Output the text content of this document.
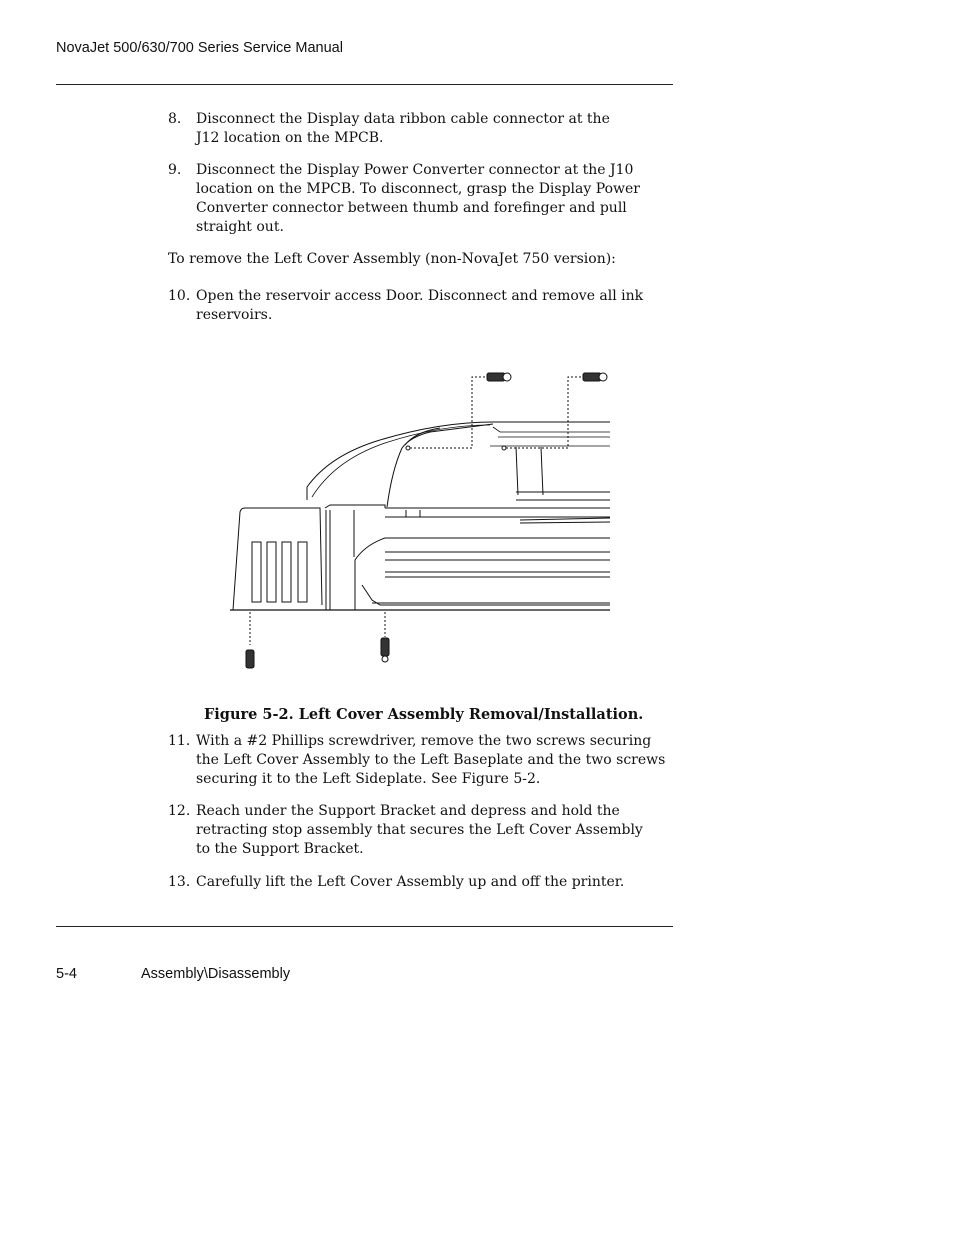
NovaJet 500/630/700 Series Service Manual
8. Disconnect the Display data ribbon cable connector at the J12 location on the MPCB.
9. Disconnect the Display Power Converter connector at the J10 location on the MPCB. To disconnect, grasp the Display Power Converter connector between thumb and forefinger and pull straight out.
To remove the Left Cover Assembly (non-NovaJet 750 version):
10. Open the reservoir access Door. Disconnect and remove all ink reservoirs.
Figure 5-2. Left Cover Assembly Removal/Installation.
11. With a #2 Phillips screwdriver, remove the two screws securing the Left Cover Assembly to the Left Baseplate and the two screws securing it to the Left Sideplate. See Figure 5-2.
12. Reach under the Support Bracket and depress and hold the retracting stop assembly that secures the Left Cover Assembly to the Support Bracket.
13. Carefully lift the Left Cover Assembly up and off the printer.
5-4	Assembly\Disassembly
